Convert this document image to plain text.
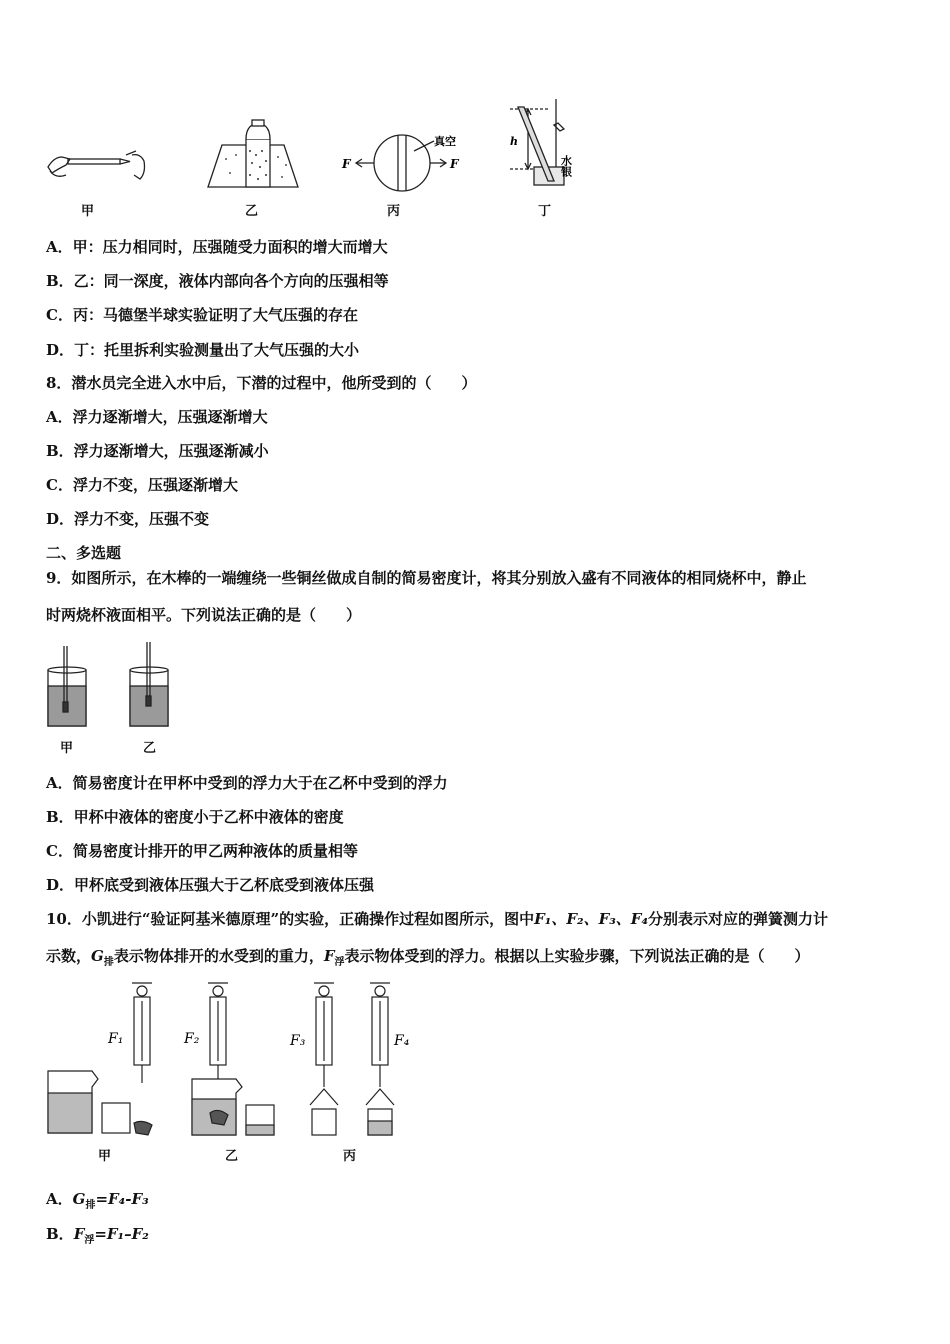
F	F
真空	h
水银
甲	乙	丙	丁
A．甲：压力相同时，压强随受力面积的增大而增大
B．乙：同一深度，液体内部向各个方向的压强相等
C．丙：马德堡半球实验证明了大气压强的存在
D．丁：托里拆利实验测量出了大气压强的大小
8．潜水员完全进入水中后，下潜的过程中，他所受到的（　　）
A．浮力逐渐增大，压强逐渐增大
B．浮力逐渐增大，压强逐渐减小
C．浮力不变，压强逐渐增大
D．浮力不变，压强不变
二、多选题
9．如图所示，在木棒的一端缠绕一些铜丝做成自制的简易密度计，将其分别放入盛有不同液体的相同烧杯中，静止
时两烧杯液面相平。下列说法正确的是（　　）
甲	乙
A．简易密度计在甲杯中受到的浮力大于在乙杯中受到的浮力
B．甲杯中液体的密度小于乙杯中液体的密度
C．简易密度计排开的甲乙两种液体的质量相等
D．甲杯底受到液体压强大于乙杯底受到液体压强
10．小凯进行“验证阿基米德原理”的实验，正确操作过程如图所示，图中F₁、F₂、F₃、F₄分别表示对应的弹簧测力计
示数，$G_排$表示物体排开的水受到的重力，$F_浮$表示物体受到的浮力。根据以上实验步骤，下列说法正确的是（　　）
F₁	F₂	F₃	F₄
甲	乙	丙
A．$G_排=F_4-F_3$
B．$F_浮=F_1-F_2$
